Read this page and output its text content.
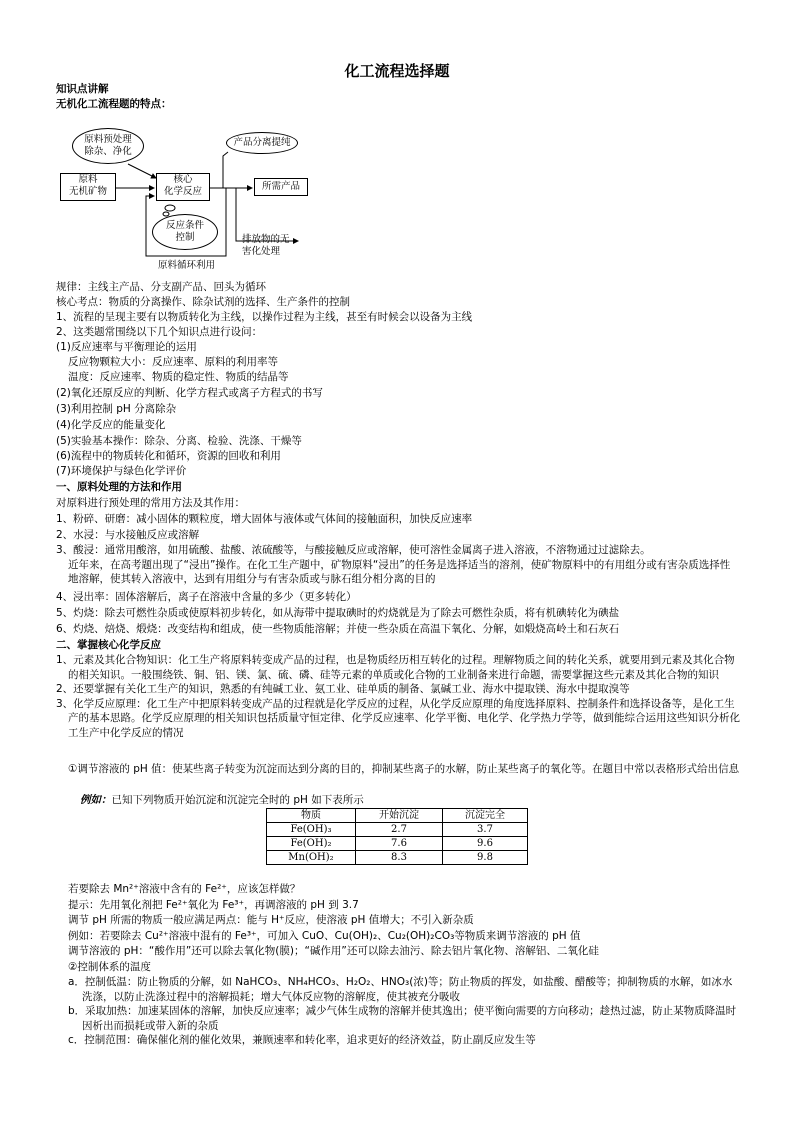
化工流程选择题
知识点讲解
无机化工流程题的特点：
原料
无机矿物
原料预处理
除杂、净化
核心
化学反应
产品分离提纯
所需产品
反应条件
控制	排放物的无
害化处理
原料循环利用
规律：主线主产品、分支副产品、回头为循环
核心考点：物质的分离操作、除杂试剂的选择、生产条件的控制
1、流程的呈现主要有以物质转化为主线，以操作过程为主线，甚至有时候会以设备为主线
2、这类题常围绕以下几个知识点进行设问：
(1)反应速率与平衡理论的运用
反应物颗粒大小：反应速率、原料的利用率等
温度：反应速率、物质的稳定性、物质的结晶等
(2)氧化还原反应的判断、化学方程式或离子方程式的书写
(3)利用控制 pH 分离除杂
(4)化学反应的能量变化
(5)实验基本操作：除杂、分离、检验、洗涤、干燥等
(6)流程中的物质转化和循环，资源的回收和利用
(7)环境保护与绿色化学评价
一、原料处理的方法和作用
对原料进行预处理的常用方法及其作用：
1、粉碎、研磨：减小固体的颗粒度，增大固体与液体或气体间的接触面积，加快反应速率
2、水浸：与水接触反应或溶解
3、酸浸：通常用酸溶，如用硫酸、盐酸、浓硫酸等，与酸接触反应或溶解，使可溶性金属离子进入溶液，不溶物通过过滤除去。
近年来，在高考题出现了“浸出”操作。在化工生产题中，矿物原料“浸出”的任务是选择适当的溶剂，使矿物原料中的有用组分或有害杂质选择性地溶解，使其转入溶液中，达到有用组分与有害杂质或与脉石组分相分离的目的
4、浸出率：固体溶解后，离子在溶液中含量的多少（更多转化）
5、灼烧：除去可燃性杂质或使原料初步转化，如从海带中提取碘时的灼烧就是为了除去可燃性杂质，将有机碘转化为碘盐
6、灼烧、焙烧、煅烧：改变结构和组成，使一些物质能溶解；并使一些杂质在高温下氧化、分解，如煅烧高岭土和石灰石
二、掌握核心化学反应
1、元素及其化合物知识：化工生产将原料转变成产品的过程，也是物质经历相互转化的过程。理解物质之间的转化关系，就要用到元素及其化合物的相关知识。一般围绕铁、铜、铝、镁、氯、硫、磷、硅等元素的单质或化合物的工业制备来进行命题，需要掌握这些元素及其化合物的知识
2、还要掌握有关化工生产的知识，熟悉的有纯碱工业、氨工业、硅单质的制备、氯碱工业、海水中提取镁、海水中提取溴等
3、化学反应原理：化工生产中把原料转变成产品的过程就是化学反应的过程，从化学反应原理的角度选择原料、控制条件和选择设备等，是化工生产的基本思路。化学反应原理的相关知识包括质量守恒定律、化学反应速率、化学平衡、电化学、化学热力学等，做到能综合运用这些知识分析化工生产中化学反应的情况
①调节溶液的 pH 值：使某些离子转变为沉淀而达到分离的目的，抑制某些离子的水解，防止某些离子的氧化等。在题目中常以表格形式给出信息
例如：已知下列物质开始沉淀和沉淀完全时的 pH 如下表所示
物质	开始沉淀	沉淀完全
Fe(OH)₃	2.7	3.7
Fe(OH)₂	7.6	9.6
Mn(OH)₂	8.3	9.8
若要除去 Mn²⁺溶液中含有的 Fe²⁺，应该怎样做？
提示：先用氧化剂把 Fe²⁺氧化为 Fe³⁺，再调溶液的 pH 到 3.7
调节 pH 所需的物质一般应满足两点：能与 H⁺反应，使溶液 pH 值增大；不引入新杂质
例如：若要除去 Cu²⁺溶液中混有的 Fe³⁺，可加入 CuO、Cu(OH)₂、Cu₂(OH)₂CO₃等物质来调节溶液的 pH 值
调节溶液的 pH：“酸作用”还可以除去氧化物(膜)；“碱作用”还可以除去油污、除去铝片氧化物、溶解铝、二氧化硅
②控制体系的温度
a．控制低温：防止物质的分解，如 NaHCO₃、NH₄HCO₃、H₂O₂、HNO₃(浓)等；防止物质的挥发，如盐酸、醋酸等；抑制物质的水解，如冰水洗涤，以防止洗涤过程中的溶解损耗；增大气体反应物的溶解度，使其被充分吸收
b．采取加热：加速某固体的溶解，加快反应速率；减少气体生成物的溶解并使其逸出；使平衡向需要的方向移动；趁热过滤，防止某物质降温时因析出而损耗或带入新的杂质
c．控制范围：确保催化剂的催化效果，兼顾速率和转化率，追求更好的经济效益，防止副反应发生等
